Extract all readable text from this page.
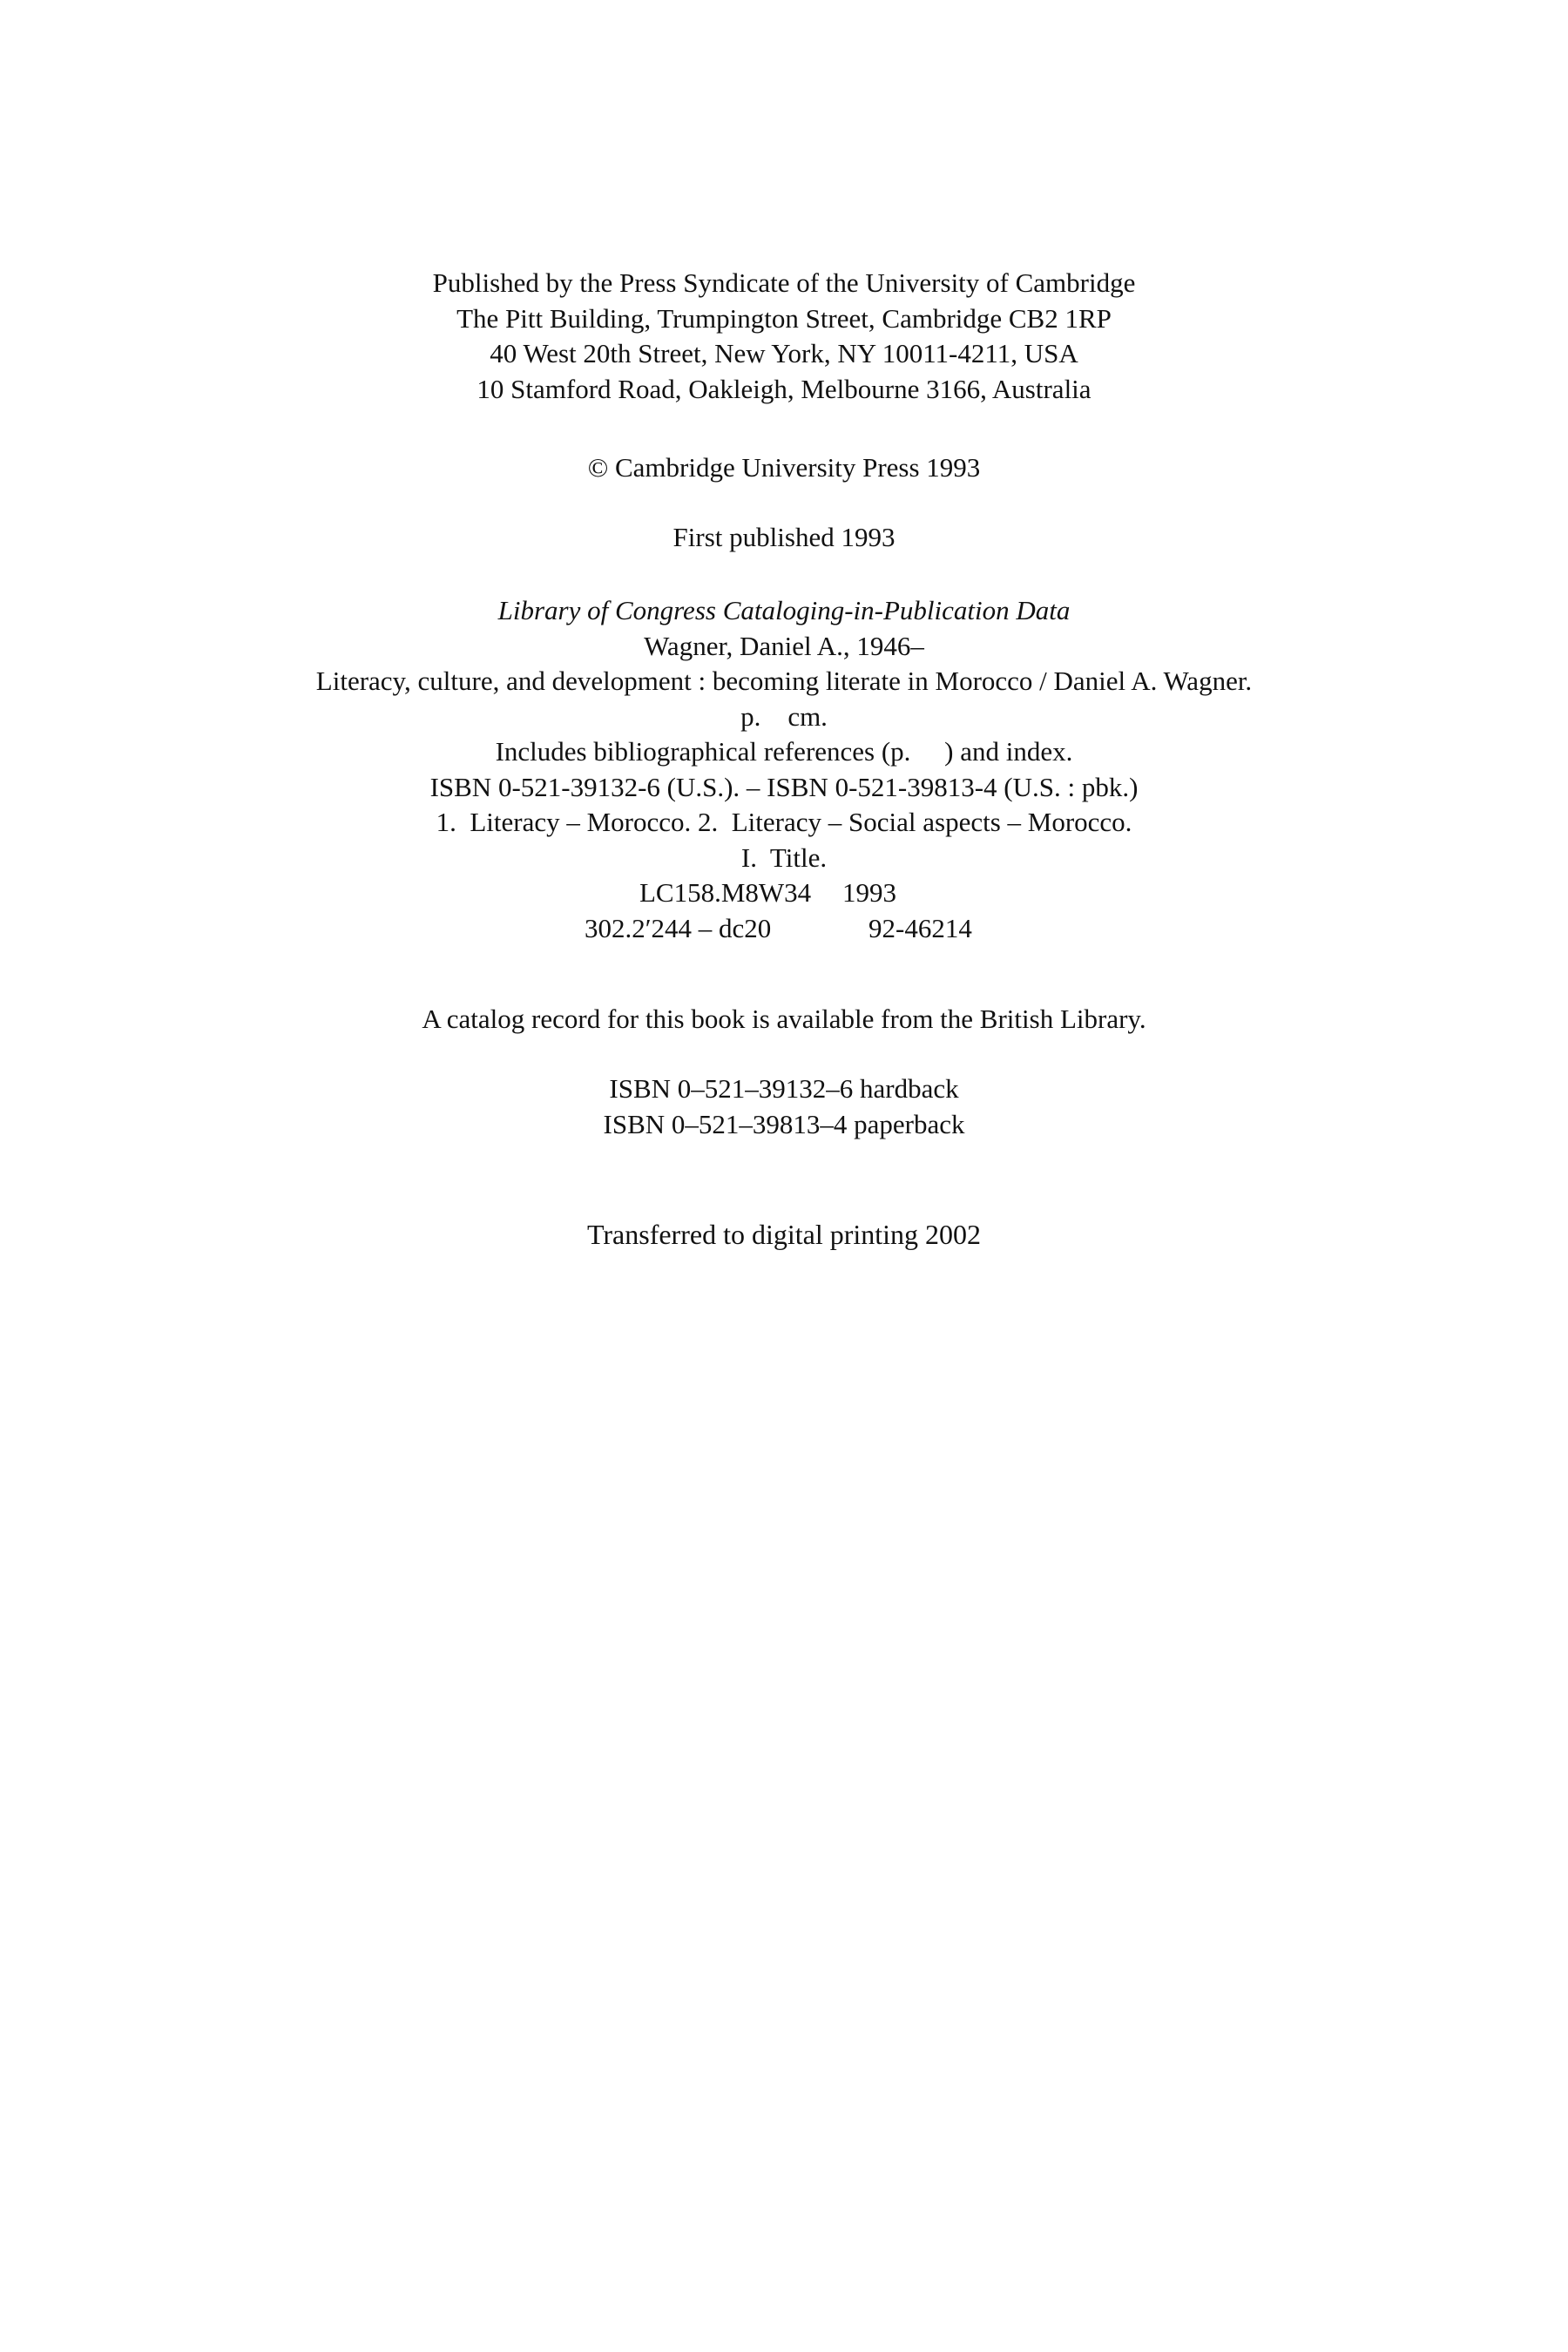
Published by the Press Syndicate of the University of Cambridge
The Pitt Building, Trumpington Street, Cambridge CB2 1RP
40 West 20th Street, New York, NY 10011-4211, USA
10 Stamford Road, Oakleigh, Melbourne 3166, Australia
© Cambridge University Press 1993
First published 1993
Library of Congress Cataloging-in-Publication Data
Wagner, Daniel A., 1946–
Literacy, culture, and development : becoming literate in Morocco / Daniel A. Wagner.
p.    cm.
Includes bibliographical references (p.     ) and index.
ISBN 0-521-39132-6 (U.S.). – ISBN 0-521-39813-4 (U.S. : pbk.)
1.  Literacy – Morocco. 2.  Literacy – Social aspects – Morocco.
I.  Title.
LC158.M8W34 1993
302.2′244 – dc20	92-46214
A catalog record for this book is available from the British Library.
ISBN 0–521–39132–6 hardback
ISBN 0–521–39813–4 paperback
Transferred to digital printing 2002
